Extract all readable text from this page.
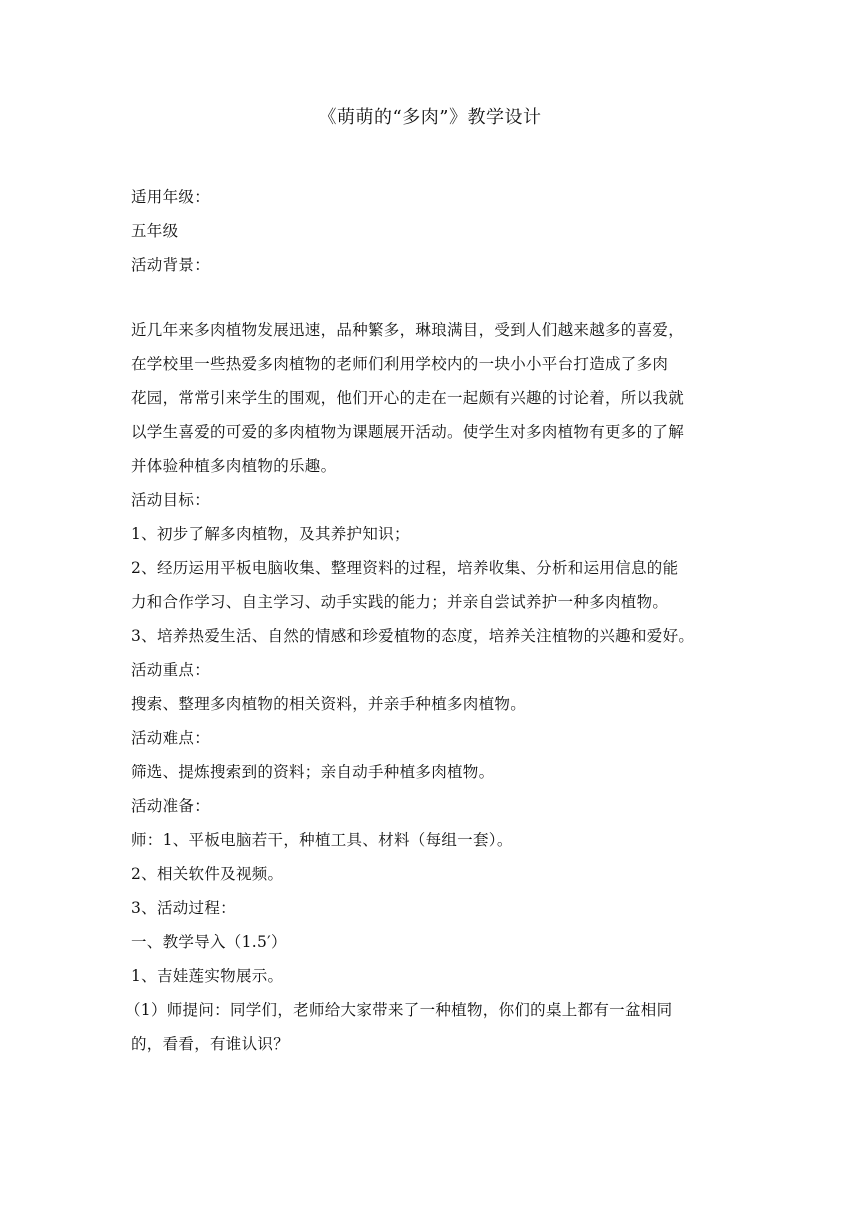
《萌萌的“多肉”》教学设计

适用年级：

五年级

活动背景：

近几年来多肉植物发展迅速，品种繁多，琳琅满目，受到人们越来越多的喜爱，

在学校里一些热爱多肉植物的老师们利用学校内的一块小小平台打造成了多肉

花园，常常引来学生的围观，他们开心的走在一起颇有兴趣的讨论着，所以我就

以学生喜爱的可爱的多肉植物为课题展开活动。使学生对多肉植物有更多的了解

并体验种植多肉植物的乐趣。

活动目标：

1、初步了解多肉植物，及其养护知识；

2、经历运用平板电脑收集、整理资料的过程，培养收集、分析和运用信息的能

力和合作学习、自主学习、动手实践的能力；并亲自尝试养护一种多肉植物。

3、培养热爱生活、自然的情感和珍爱植物的态度，培养关注植物的兴趣和爱好。

活动重点：

搜索、整理多肉植物的相关资料，并亲手种植多肉植物。

活动难点：

筛选、提炼搜索到的资料；亲自动手种植多肉植物。

活动准备：

师：1、平板电脑若干，种植工具、材料（每组一套）。

2、相关软件及视频。

3、活动过程：

一、教学导入（1.5′）

1、吉娃莲实物展示。

（1）师提问：同学们，老师给大家带来了一种植物，你们的桌上都有一盆相同

的，看看，有谁认识？
